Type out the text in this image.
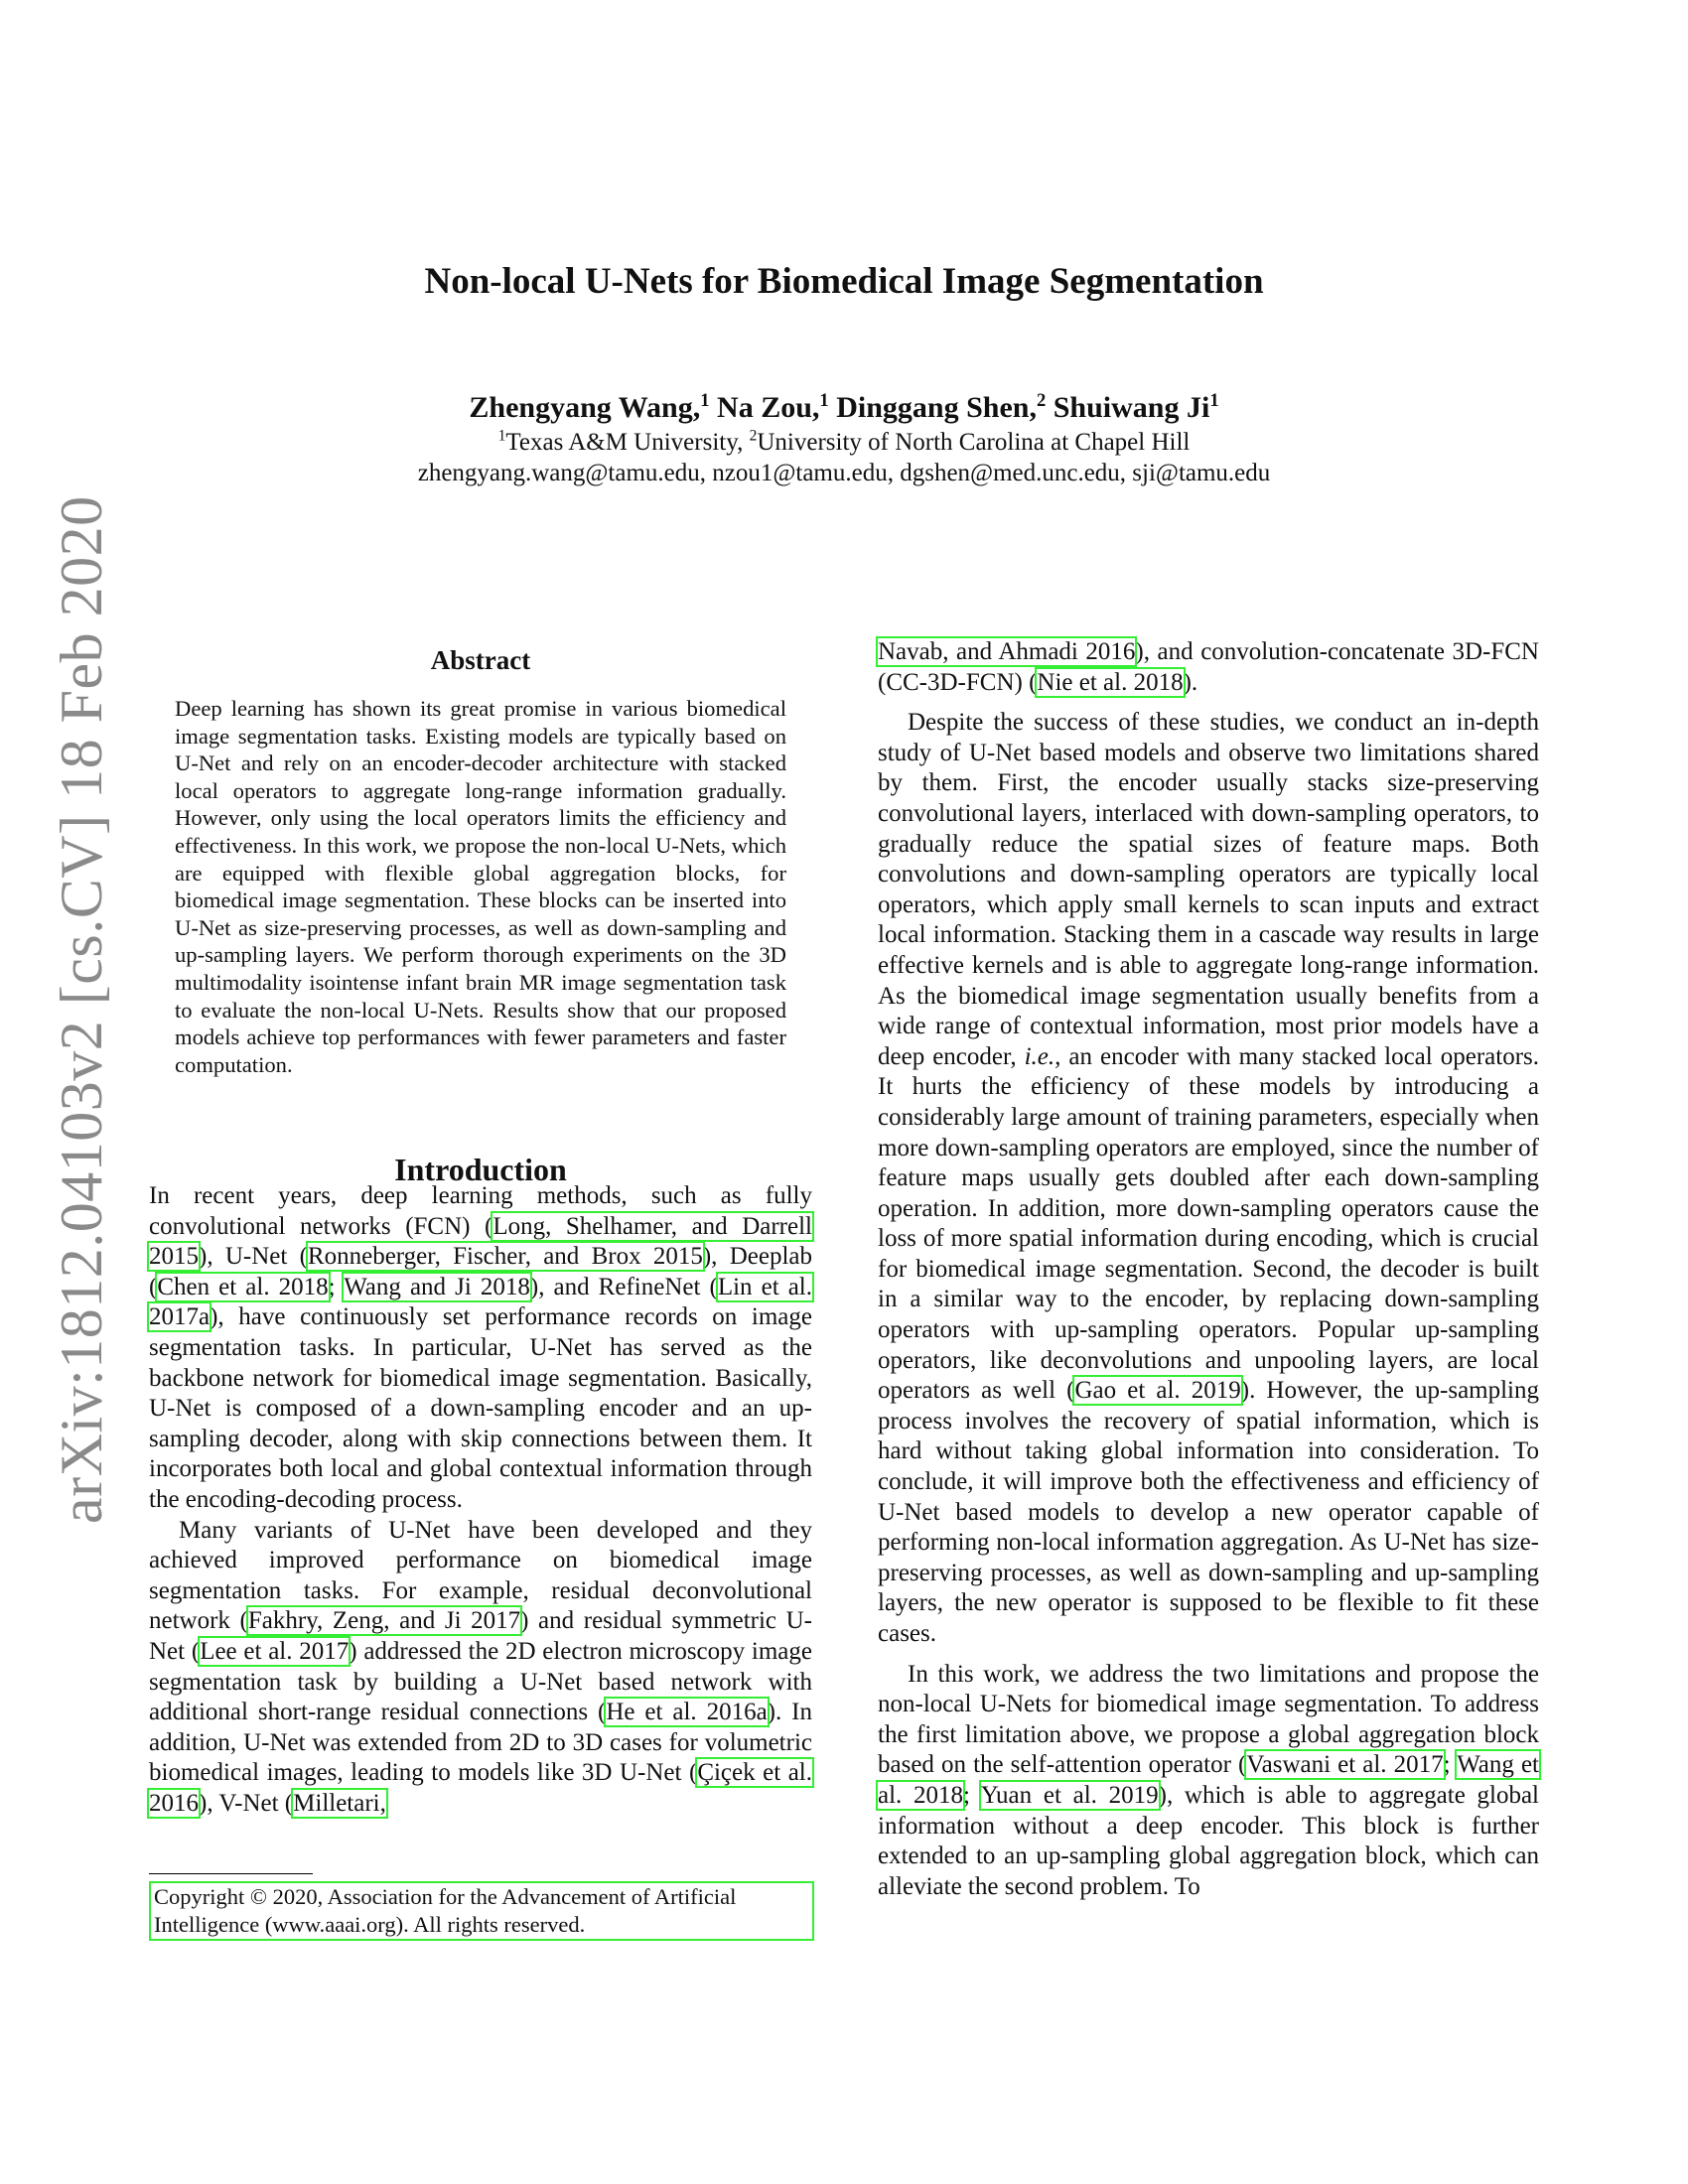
arXiv:1812.04103v2 [cs.CV] 18 Feb 2020
Non-local U-Nets for Biomedical Image Segmentation
Zhengyang Wang,$^1$ Na Zou,$^1$ Dinggang Shen,$^2$ Shuiwang Ji$^1$
$^1$Texas A&M University, $^2$University of North Carolina at Chapel Hill
zhengyang.wang@tamu.edu, nzou1@tamu.edu, dgshen@med.unc.edu, sji@tamu.edu
Abstract
Deep learning has shown its great promise in various biomedical image segmentation tasks. Existing models are typically based on U-Net and rely on an encoder-decoder architecture with stacked local operators to aggregate long-range information gradually. However, only using the local operators limits the efficiency and effectiveness. In this work, we propose the non-local U-Nets, which are equipped with flexible global aggregation blocks, for biomedical image segmentation. These blocks can be inserted into U-Net as size-preserving processes, as well as down-sampling and up-sampling layers. We perform thorough experiments on the 3D multimodality isointense infant brain MR image segmentation task to evaluate the non-local U-Nets. Results show that our proposed models achieve top performances with fewer parameters and faster computation.
Introduction

In recent years, deep learning methods, such as fully convolutional networks (FCN) (Long, Shelhamer, and Darrell 2015), U-Net (Ronneberger, Fischer, and Brox 2015), Deeplab (Chen et al. 2018; Wang and Ji 2018), and RefineNet (Lin et al. 2017a), have continuously set performance records on image segmentation tasks. In particular, U-Net has served as the backbone network for biomedical image segmentation. Basically, U-Net is composed of a down-sampling encoder and an up-sampling decoder, along with skip connections between them. It incorporates both local and global contextual information through the encoding-decoding process.

Many variants of U-Net have been developed and they achieved improved performance on biomedical image segmentation tasks. For example, residual deconvolutional network (Fakhry, Zeng, and Ji 2017) and residual symmetric U-Net (Lee et al. 2017) addressed the 2D electron microscopy image segmentation task by building a U-Net based network with additional short-range residual connections (He et al. 2016a). In addition, U-Net was extended from 2D to 3D cases for volumetric biomedical images, leading to models like 3D U-Net (Çiçek et al. 2016), V-Net (Milletari,

Copyright © 2020, Association for the Advancement of Artificial Intelligence (www.aaai.org). All rights reserved.

Navab, and Ahmadi 2016), and convolution-concatenate 3D-FCN (CC-3D-FCN) (Nie et al. 2018).

Despite the success of these studies, we conduct an in-depth study of U-Net based models and observe two limitations shared by them. First, the encoder usually stacks size-preserving convolutional layers, interlaced with down-sampling operators, to gradually reduce the spatial sizes of feature maps. Both convolutions and down-sampling operators are typically local operators, which apply small kernels to scan inputs and extract local information. Stacking them in a cascade way results in large effective kernels and is able to aggregate long-range information. As the biomedical image segmentation usually benefits from a wide range of contextual information, most prior models have a deep encoder, i.e., an encoder with many stacked local operators. It hurts the efficiency of these models by introducing a considerably large amount of training parameters, especially when more down-sampling operators are employed, since the number of feature maps usually gets doubled after each down-sampling operation. In addition, more down-sampling operators cause the loss of more spatial information during encoding, which is crucial for biomedical image segmentation. Second, the decoder is built in a similar way to the encoder, by replacing down-sampling operators with up-sampling operators. Popular up-sampling operators, like deconvolutions and unpooling layers, are local operators as well (Gao et al. 2019). However, the up-sampling process involves the recovery of spatial information, which is hard without taking global information into consideration. To conclude, it will improve both the effectiveness and efficiency of U-Net based models to develop a new operator capable of performing non-local information aggregation. As U-Net has size-preserving processes, as well as down-sampling and up-sampling layers, the new operator is supposed to be flexible to fit these cases.

In this work, we address the two limitations and propose the non-local U-Nets for biomedical image segmentation. To address the first limitation above, we propose a global aggregation block based on the self-attention operator (Vaswani et al. 2017; Wang et al. 2018; Yuan et al. 2019), which is able to aggregate global information without a deep encoder. This block is further extended to an up-sampling global aggregation block, which can alleviate the second problem. To
